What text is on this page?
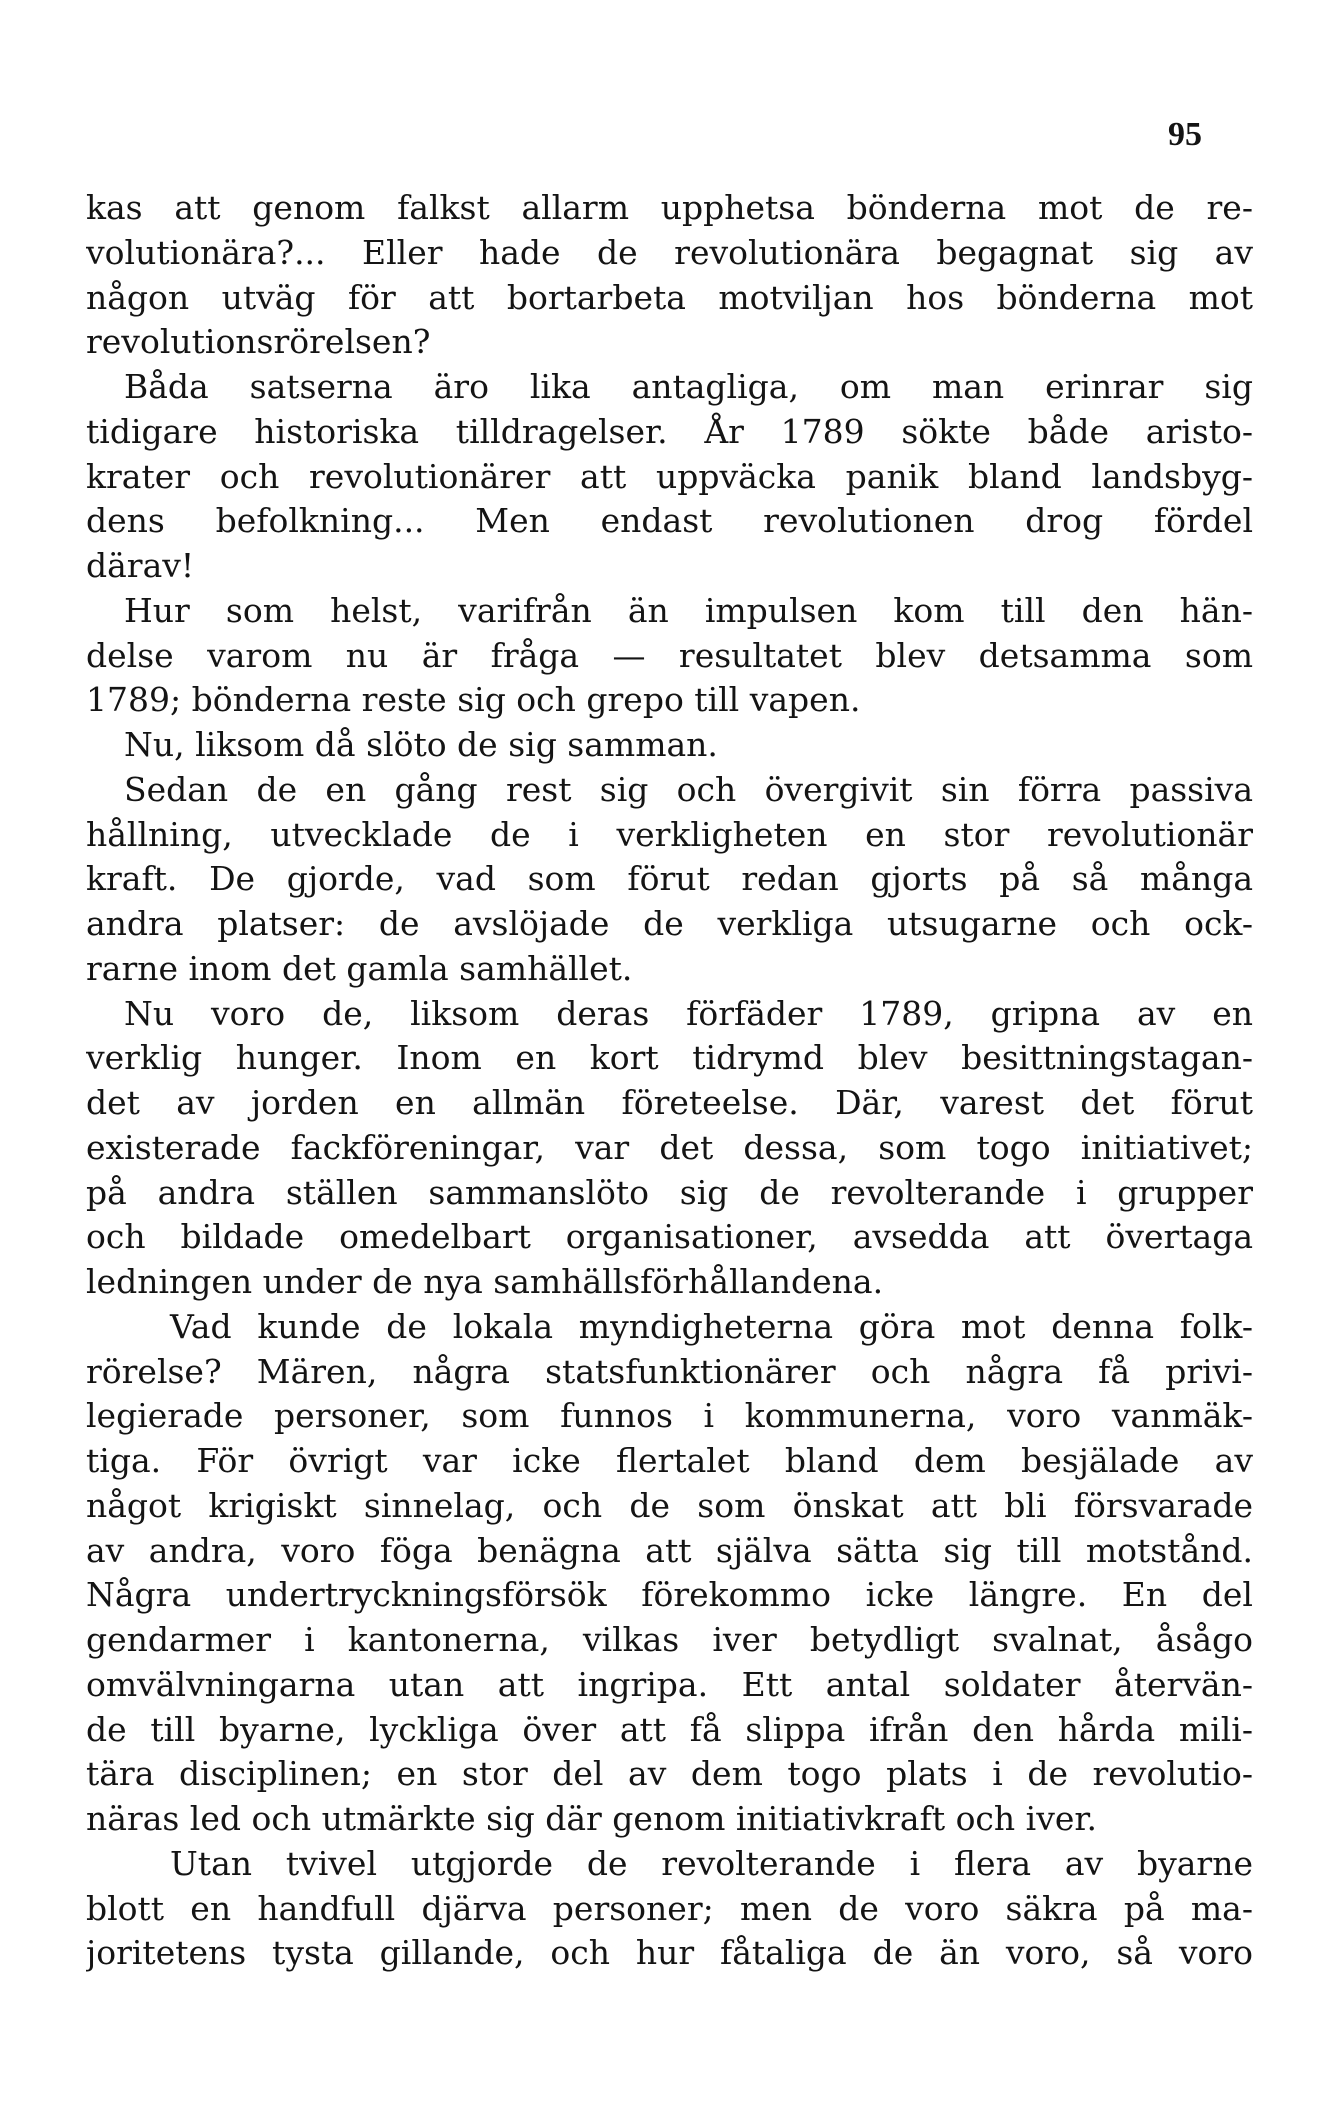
95
kas att genom falkst allarm upphetsa bönderna mot de re-
volutionära?... Eller hade de revolutionära begagnat sig av
någon utväg för att bortarbeta motviljan hos bönderna mot
revolutionsrörelsen?
Båda satserna äro lika antagliga, om man erinrar sig
tidigare historiska tilldragelser. År 1789 sökte både aristo-
krater och revolutionärer att uppväcka panik bland landsbyg-
dens befolkning... Men endast revolutionen drog fördel
därav!
Hur som helst, varifrån än impulsen kom till den hän-
delse varom nu är fråga — resultatet blev detsamma som
1789; bönderna reste sig och grepo till vapen.
Nu, liksom då slöto de sig samman.
Sedan de en gång rest sig och övergivit sin förra passiva
hållning, utvecklade de i verkligheten en stor revolutionär
kraft. De gjorde, vad som förut redan gjorts på så många
andra platser: de avslöjade de verkliga utsugarne och ock-
rarne inom det gamla samhället.
Nu voro de, liksom deras förfäder 1789, gripna av en
verklig hunger. Inom en kort tidrymd blev besittningstagan-
det av jorden en allmän företeelse. Där, varest det förut
existerade fackföreningar, var det dessa, som togo initiativet;
på andra ställen sammanslöto sig de revolterande i grupper
och bildade omedelbart organisationer, avsedda att övertaga
ledningen under de nya samhällsförhållandena.
Vad kunde de lokala myndigheterna göra mot denna folk-
rörelse? Mären, några statsfunktionärer och några få privi-
legierade personer, som funnos i kommunerna, voro vanmäk-
tiga. För övrigt var icke flertalet bland dem besjälade av
något krigiskt sinnelag, och de som önskat att bli försvarade
av andra, voro föga benägna att själva sätta sig till motstånd.
Några undertryckningsförsök förekommo icke längre. En del
gendarmer i kantonerna, vilkas iver betydligt svalnat, åsågo
omvälvningarna utan att ingripa. Ett antal soldater återvän-
de till byarne, lyckliga över att få slippa ifrån den hårda mili-
tära disciplinen; en stor del av dem togo plats i de revolutio-
näras led och utmärkte sig där genom initiativkraft och iver.
Utan tvivel utgjorde de revolterande i flera av byarne
blott en handfull djärva personer; men de voro säkra på ma-
joritetens tysta gillande, och hur fåtaliga de än voro, så voro
